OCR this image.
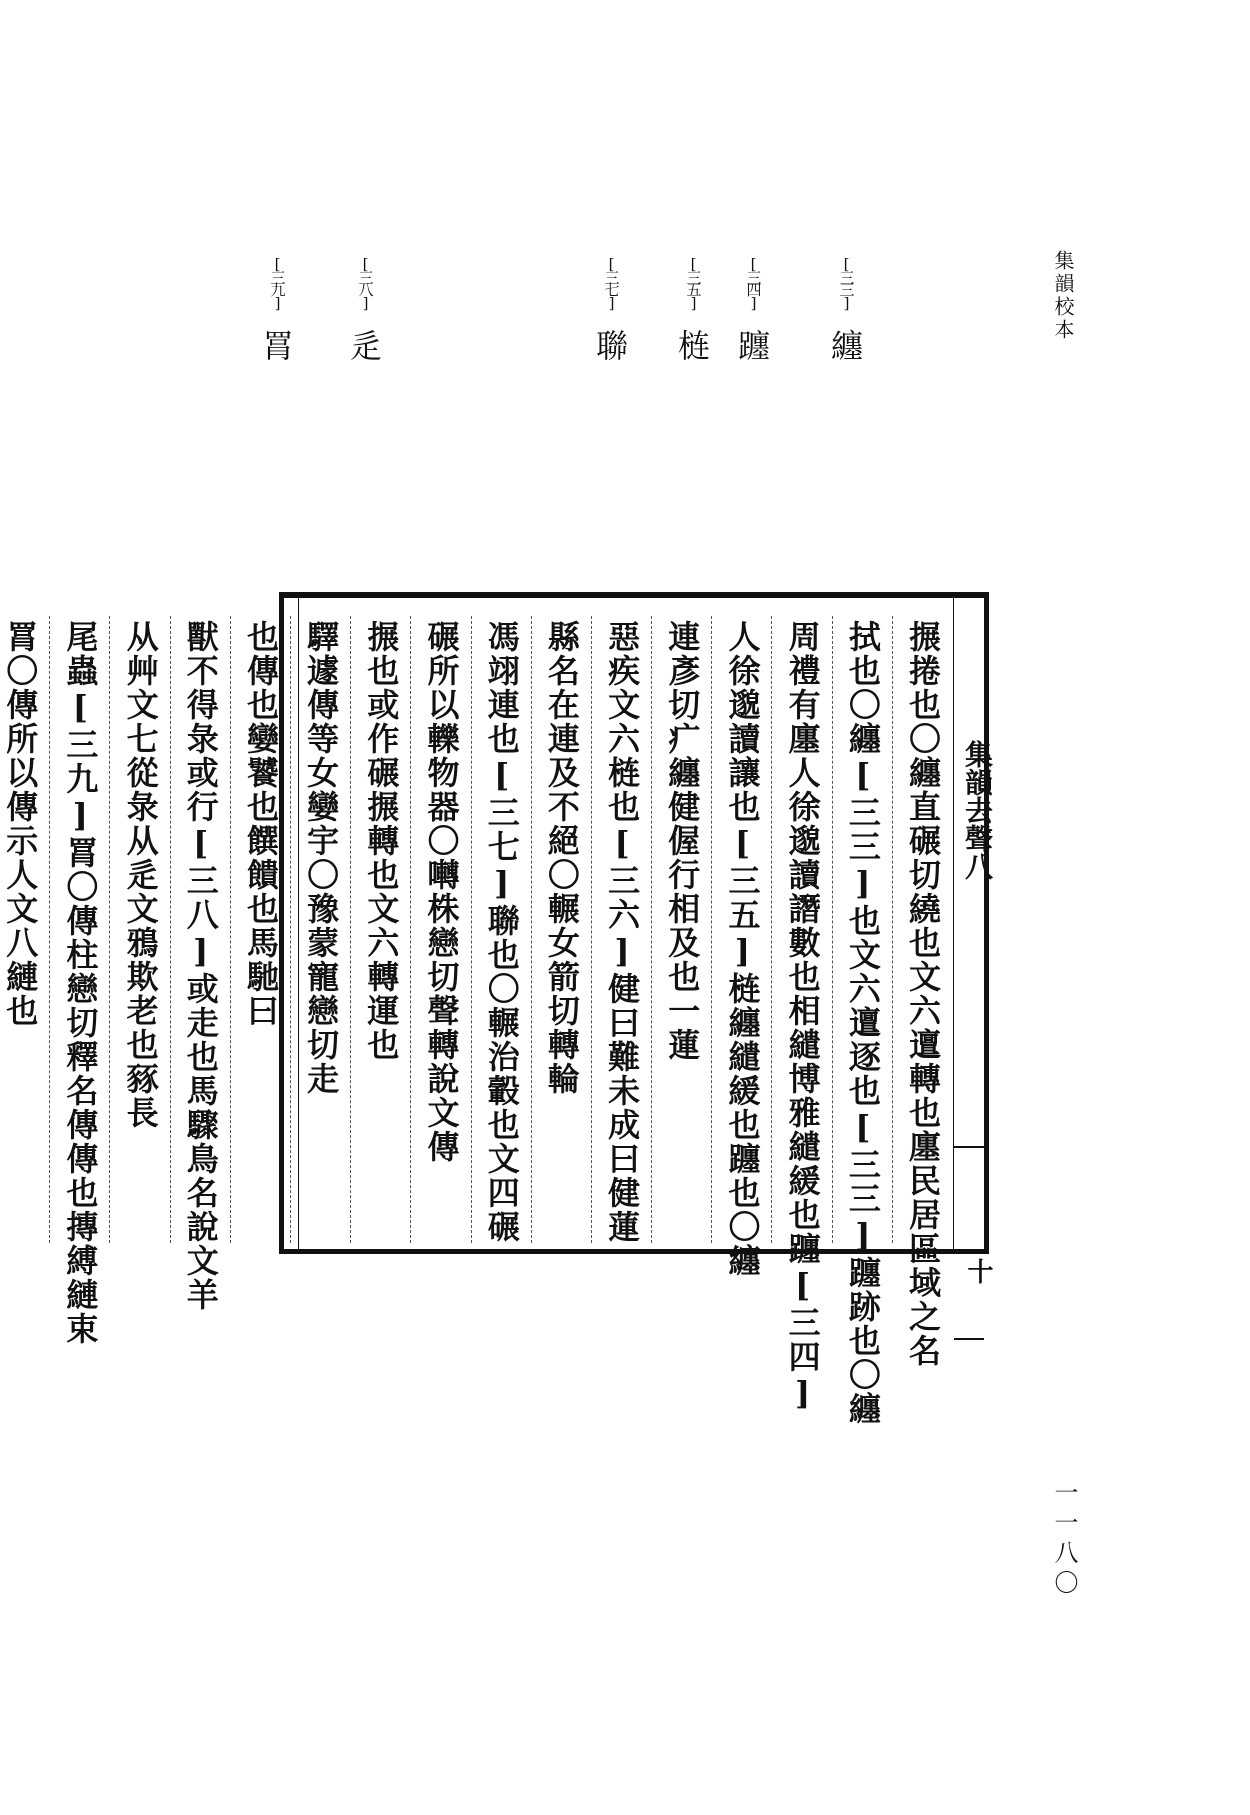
集韻校本
[三三]
纏
[三四]
躔
[三五]
梿
[三七]
聯
[三八]
辵
[三九]
罥
搌捲也〇纏直碾切繞也文六邅轉也廛民居區域之名
拭也〇纏[三三]也文六邅逐也[三三]躔跡也〇纏
周禮有廛人徐邈讀譖數也相繾博雅繾緩也躔[三四]
人徐邈讀讓也[三五]梿纏繾緩也躔也〇纏
連彥切疒纏健偓行相及也一蓮
惡疾文六梿也[三六]健曰難未成曰健蓮
縣名在連及不絕〇輾女箭切轉輪
馮翊連也[三七]聯也〇輾治轂也文四碾
碾所以轢物器〇囀株戀切聲轉說文傳
搌也或作碾搌轉也文六轉運也
驛遽傳等女孌宇〇豫蒙寵戀切走
也傳也孌饕也饌饋也馬馳曰
獸不得彔或行[三八]或走也馬驟鳥名說文羊
从艸文七從彔从辵文鴉欺老也豩長
尾蟲[三九]罥〇傳柱戀切釋名傳傳也摶縛縺束
罥〇傳所以傳示人文八縺也	集韻去聲八
十
一一八〇
